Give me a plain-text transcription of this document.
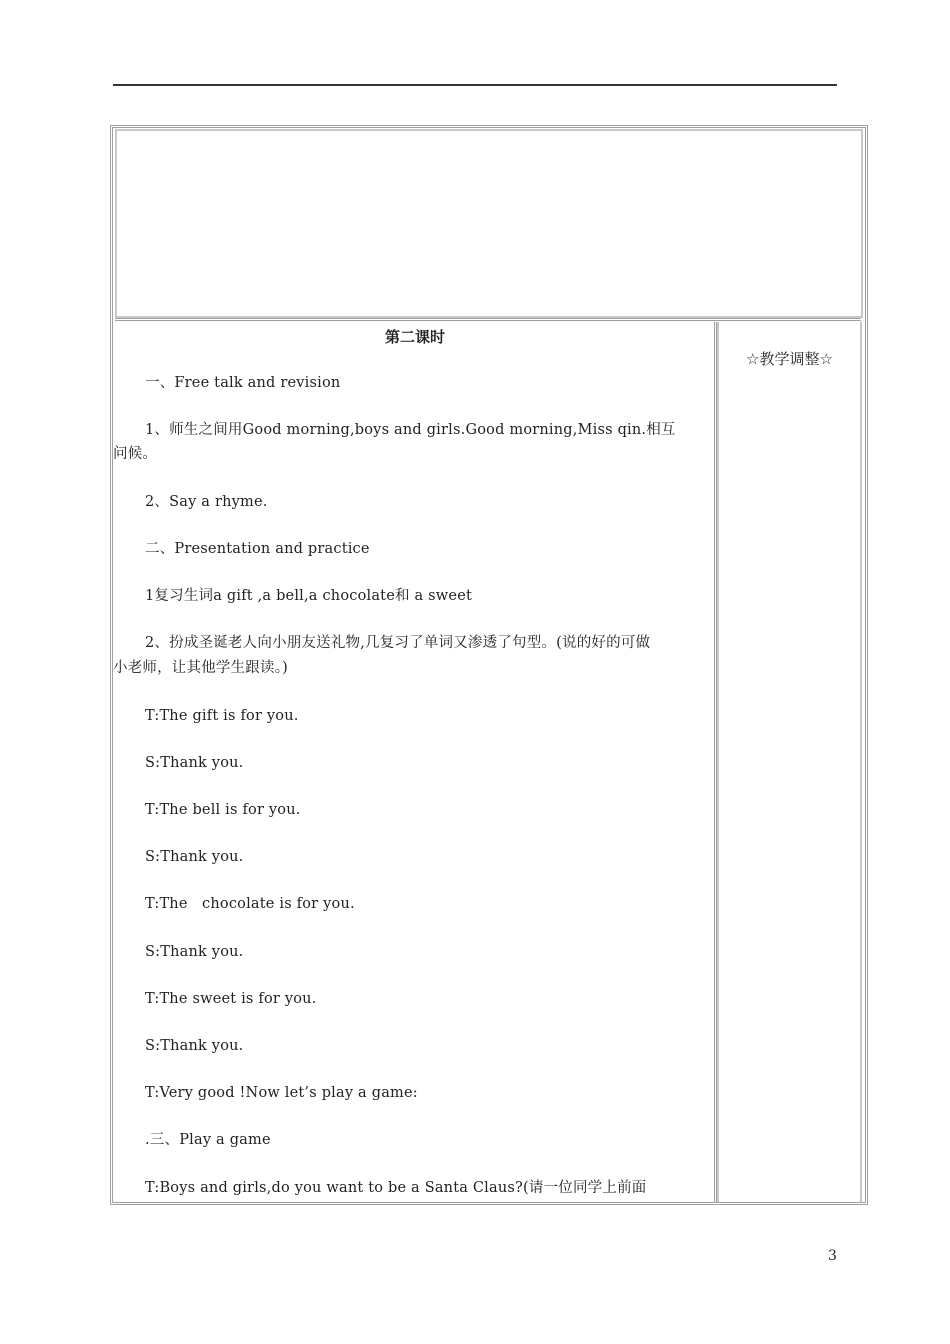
第二课时
一、Free talk and revision
1、师生之间用Good morning,boys and girls.Good morning,Miss qin.相互
问候。
2、Say a rhyme.
二、Presentation and practice
1复习生词a gift ,a bell,a chocolate和 a sweet
2、扮成圣诞老人向小朋友送礼物,几复习了单词又渗透了句型。(说的好的可做
小老师，让其他学生跟读。)
T:The gift is for you.
S:Thank you.
T:The bell is for you.
S:Thank you.
T:The   chocolate is for you.
S:Thank you.
T:The sweet is for you.
S:Thank you.
T:Very good !Now let’s play a game:
.三、Play a game
T:Boys and girls,do you want to be a Santa Claus?(请一位同学上前面
☆教学调整☆
3
